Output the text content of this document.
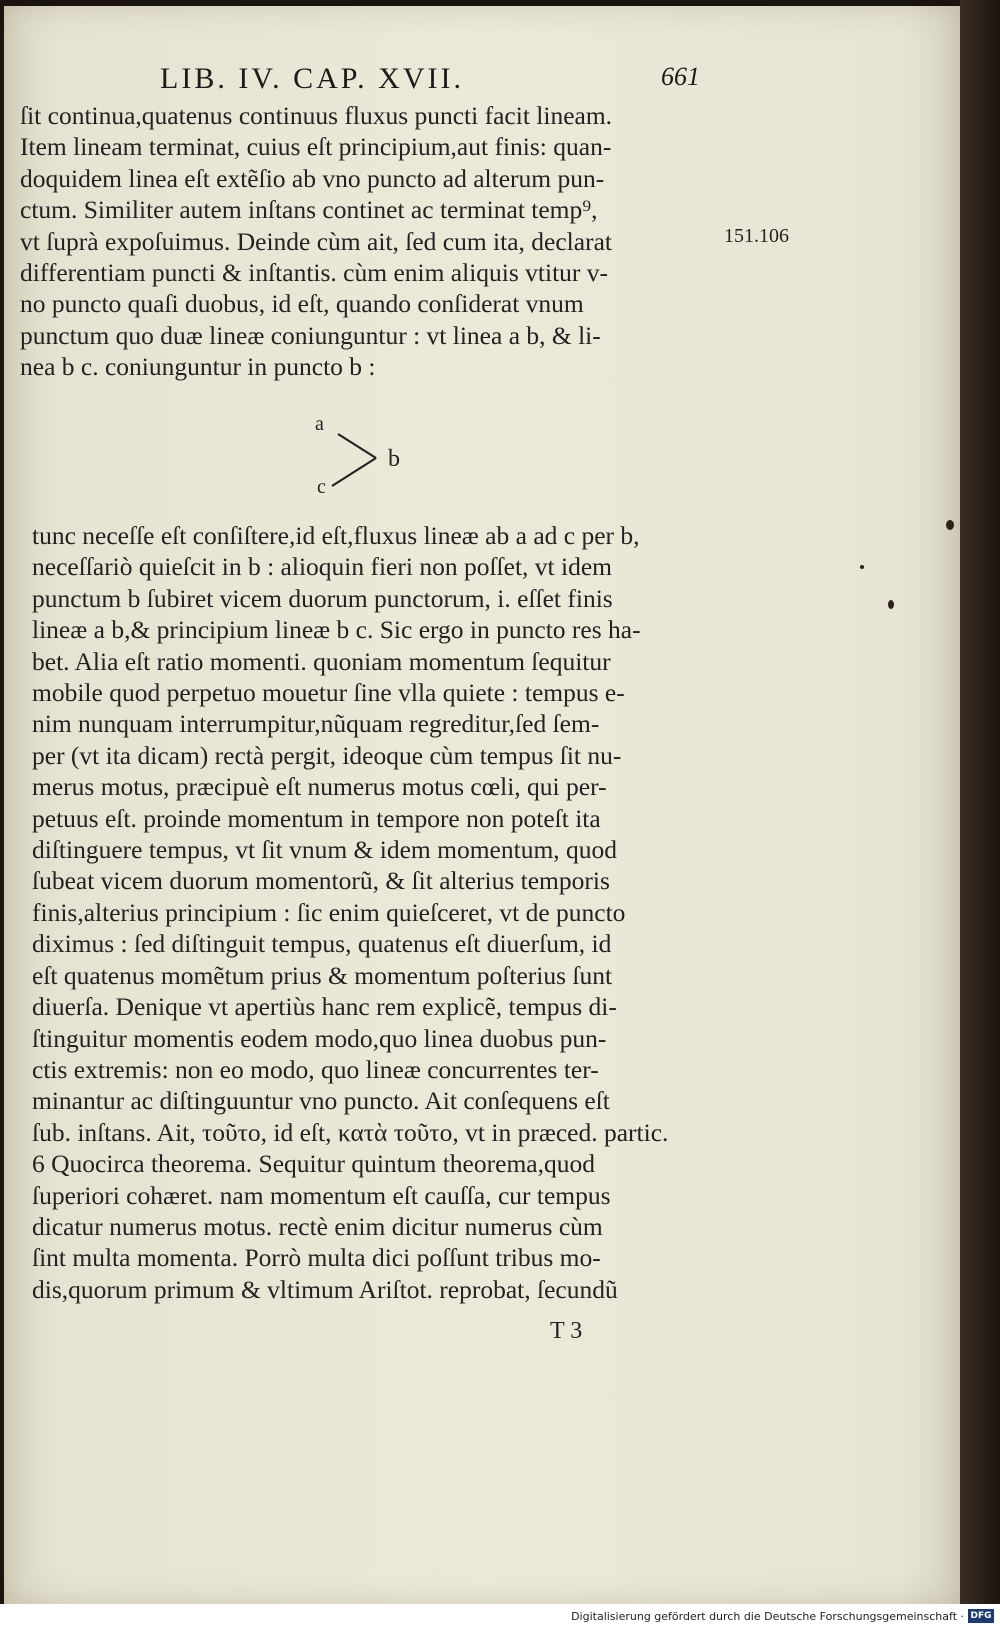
LIB. IV. CAP. XVII.	661
ſit continua,quatenus continuus fluxus puncti facit lineam.
Item lineam terminat, cuius eſt principium,aut finis: quan-
doquidem linea eſt extẽſio ab vno puncto ad alterum pun-
ctum. Similiter autem inſtans continet ac terminat temp⁹,
vt ſuprà expoſuimus. Deinde cùm ait, ſed cum ita, declarat
differentiam puncti & inſtantis. cùm enim aliquis vtitur v-
no puncto quaſi duobus, id eſt, quando conſiderat vnum
punctum quo duæ lineæ coniunguntur : vt linea a b, & li-
nea b c. coniunguntur in puncto b :
151.106
a
b
c
tunc neceſſe eſt conſiſtere,id eſt,fluxus lineæ ab a ad c per b,
neceſſariò quieſcit in b : alioquin fieri non poſſet, vt idem
punctum b ſubiret vicem duorum punctorum, i. eſſet finis
lineæ a b,& principium lineæ b c. Sic ergo in puncto res ha-
bet. Alia eſt ratio momenti. quoniam momentum ſequitur
mobile quod perpetuo mouetur ſine vlla quiete : tempus e-
nim nunquam interrumpitur,nũquam regreditur,ſed ſem-
per (vt ita dicam) rectà pergit, ideoque cùm tempus ſit nu-
merus motus, præcipuè eſt numerus motus cœli, qui per-
petuus eſt. proinde momentum in tempore non poteſt ita
diſtinguere tempus, vt ſit vnum & idem momentum, quod
ſubeat vicem duorum momentorũ, & ſit alterius temporis
finis,alterius principium : ſic enim quieſceret, vt de puncto
diximus : ſed diſtinguit tempus, quatenus eſt diuerſum, id
eſt quatenus momẽtum prius & momentum poſterius ſunt
diuerſa. Denique vt apertiùs hanc rem explicẽ, tempus di-
ſtinguitur momentis eodem modo,quo linea duobus pun-
ctis extremis: non eo modo, quo lineæ concurrentes ter-
minantur ac diſtinguuntur vno puncto. Ait conſequens eſt
ſub. inſtans. Ait, τοῦτο, id eſt, κατὰ τοῦτο, vt in præced. partic.
6 Quocirca theorema. Sequitur quintum theorema,quod
ſuperiori cohæret. nam momentum eſt cauſſa, cur tempus
dicatur numerus motus. rectè enim dicitur numerus cùm
ſint multa momenta. Porrò multa dici poſſunt tribus mo-
dis,quorum primum & vltimum Ariſtot. reprobat, ſecundũ
T 3
Digitalisierung gefördert durch die Deutsche Forschungsgemeinschaft · DFG
